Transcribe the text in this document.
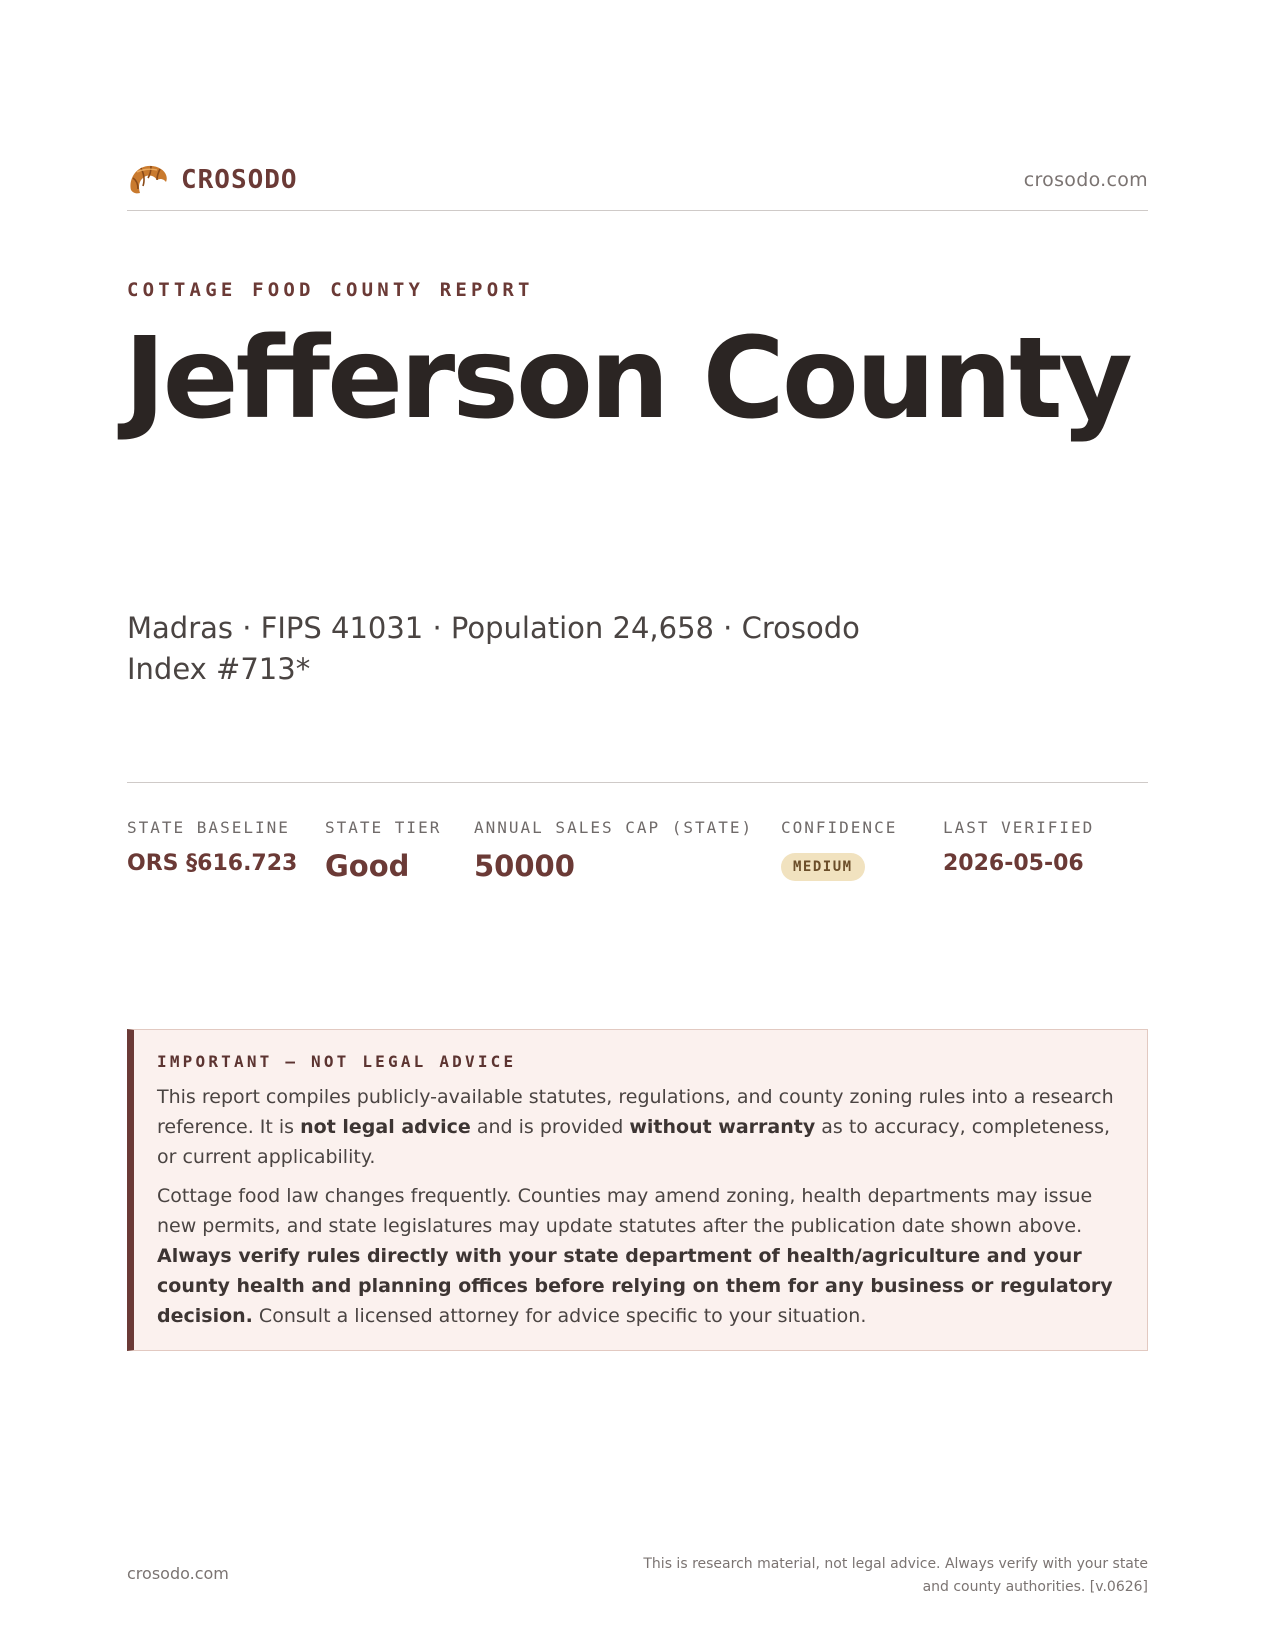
CROSODO	crosodo.com
COTTAGE FOOD COUNTY REPORT
Jefferson County
Madras · FIPS 41031 · Population 24,658 · Crosodo Index #713*
STATE BASELINE
ORS §616.723
STATE TIER
Good
ANNUAL SALES CAP (STATE)
50000
CONFIDENCE
MEDIUM
LAST VERIFIED
2026-05-06
IMPORTANT — NOT LEGAL ADVICE

This report compiles publicly-available statutes, regulations, and county zoning rules into a research reference. It is not legal advice and is provided without warranty as to accuracy, completeness, or current applicability.

Cottage food law changes frequently. Counties may amend zoning, health departments may issue new permits, and state legislatures may update statutes after the publication date shown above. Always verify rules directly with your state department of health/agriculture and your county health and planning offices before relying on them for any business or regulatory decision. Consult a licensed attorney for advice specific to your situation.

crosodo.com	This is research material, not legal advice. Always verify with your state and county authorities. [v.0626]
